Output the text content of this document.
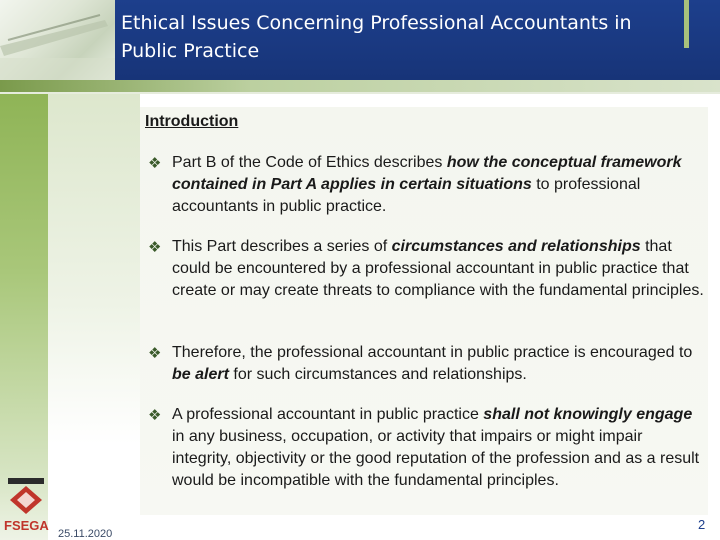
Ethical Issues Concerning Professional Accountants in Public Practice
Introduction
❖ Part B of the Code of Ethics describes how the conceptual framework contained in Part A applies in certain situations to professional accountants in public practice.
❖ This Part describes a series of circumstances and relationships that could be encountered by a professional accountant in public practice that create or may create threats to compliance with the fundamental principles.
❖ Therefore, the professional accountant in public practice is encouraged to be alert for such circumstances and relationships.
❖ A professional accountant in public practice shall not knowingly engage in any business, occupation, or activity that impairs or might impair integrity, objectivity or the good reputation of the profession and as a result would be incompatible with the fundamental principles.
FSEGA
25.11.2020
2
